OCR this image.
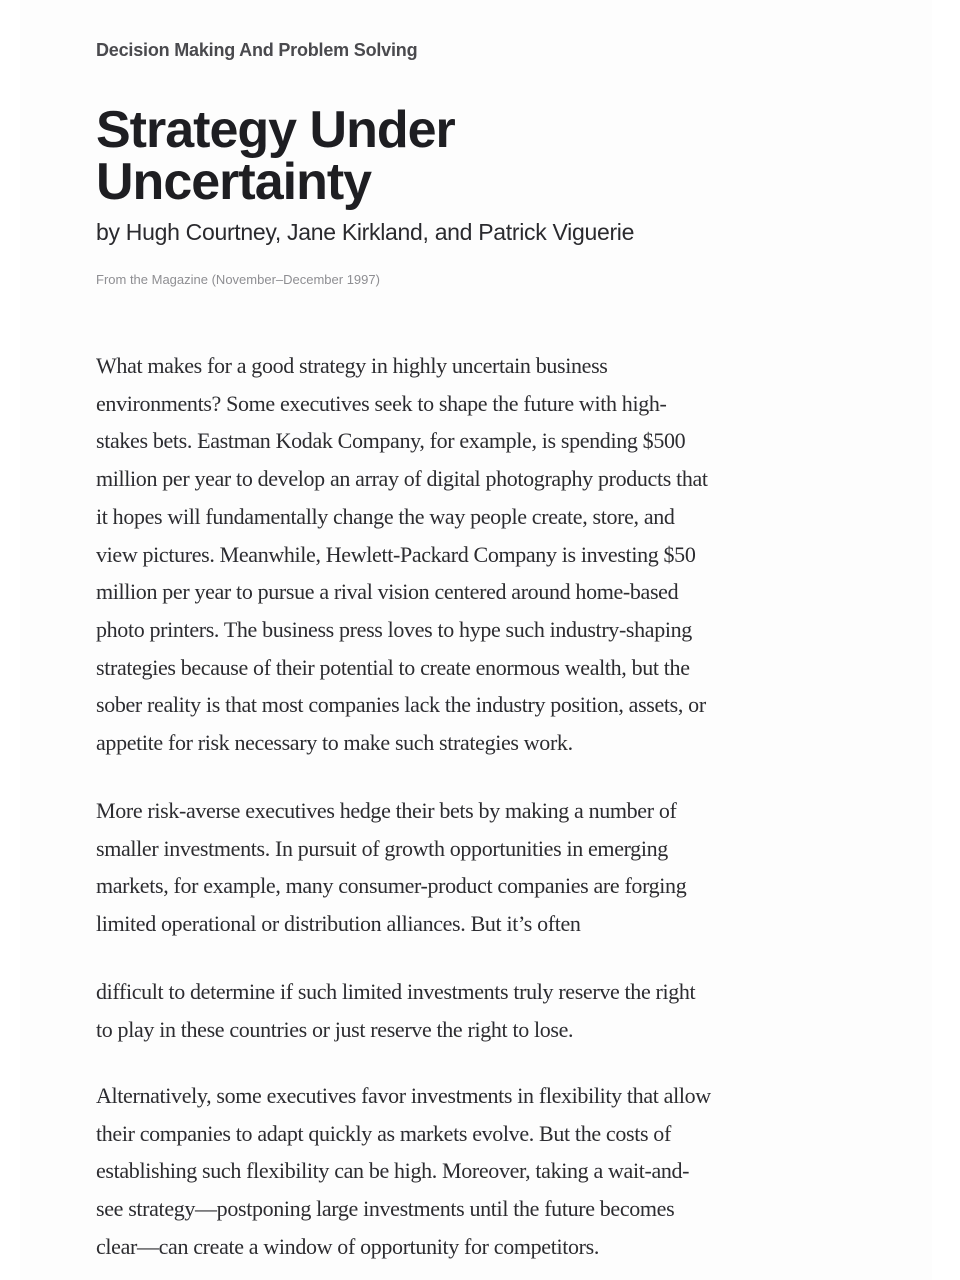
Decision Making And Problem Solving
Strategy Under
Uncertainty
by Hugh Courtney, Jane Kirkland, and Patrick Viguerie
From the Magazine (November–December 1997)

What makes for a good strategy in highly uncertain business
environments? Some executives seek to shape the future with high-
stakes bets. Eastman Kodak Company, for example, is spending $500
million per year to develop an array of digital photography products that
it hopes will fundamentally change the way people create, store, and
view pictures. Meanwhile, Hewlett-Packard Company is investing $50
million per year to pursue a rival vision centered around home-based
photo printers. The business press loves to hype such industry-shaping
strategies because of their potential to create enormous wealth, but the
sober reality is that most companies lack the industry position, assets, or
appetite for risk necessary to make such strategies work.

More risk-averse executives hedge their bets by making a number of
smaller investments. In pursuit of growth opportunities in emerging
markets, for example, many consumer-product companies are forging
limited operational or distribution alliances. But it’s often

difficult to determine if such limited investments truly reserve the right
to play in these countries or just reserve the right to lose.

Alternatively, some executives favor investments in flexibility that allow
their companies to adapt quickly as markets evolve. But the costs of
establishing such flexibility can be high. Moreover, taking a wait-and-
see strategy—postponing large investments until the future becomes
clear—can create a window of opportunity for competitors.
